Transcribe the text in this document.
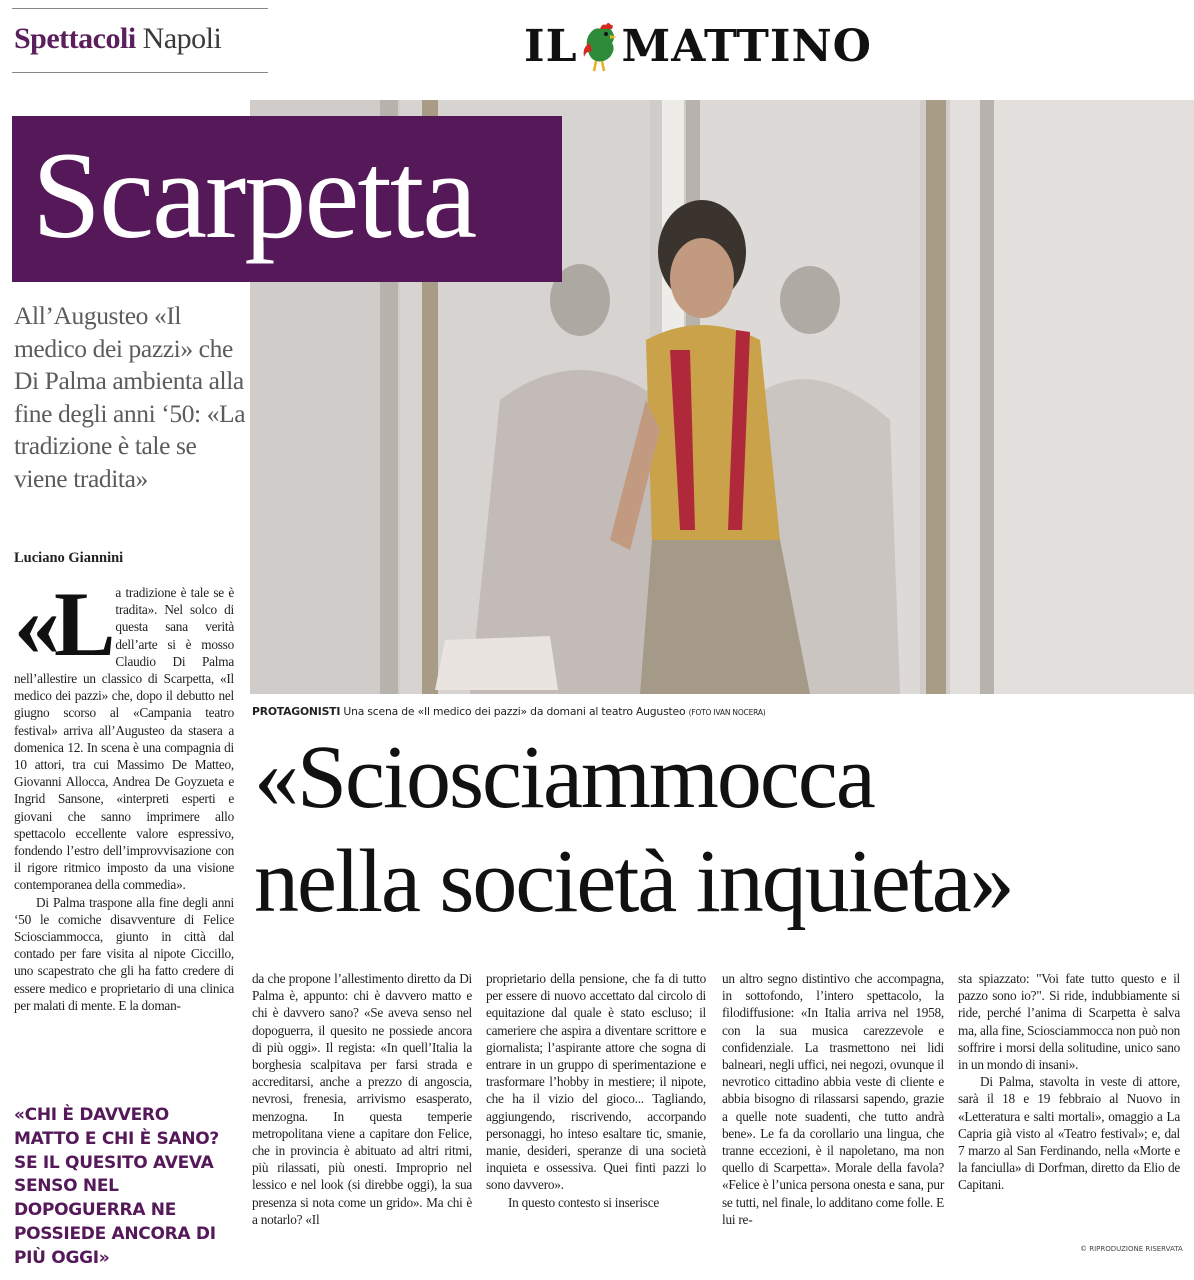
Spettacoli Napoli	IL MATTINO
Scarpetta
All’Augusteo «Il medico dei pazzi» che Di Palma ambienta alla fine degli anni ‘50: «La tradizione è tale se viene tradita»
Luciano Giannini
«L a tradizione è tale se è tradita». Nel solco di questa sana verità dell’arte si è mosso Claudio Di Palma nell’allestire un classico di Scarpetta, «Il medico dei pazzi» che, dopo il debutto nel giugno scorso al «Campania teatro festival» arriva all’Augusteo da stasera a domenica 12. In scena è una compagnia di 10 attori, tra cui Massimo De Matteo, Giovanni Allocca, Andrea De Goyzueta e Ingrid Sansone, «interpreti esperti e giovani che sanno imprimere allo spettacolo eccellente valore espressivo, fondendo l’estro dell’improvvisazione con il rigore ritmico imposto da una visione contemporanea della commedia».

Di Palma traspone alla fine degli anni ‘50 le comiche disavventure di Felice Sciosciammocca, giunto in città dal contado per fare visita al nipote Ciccillo, uno scapestrato che gli ha fatto credere di essere medico e proprietario di una clinica per malati di mente. E la doman-

«CHI È DAVVERO MATTO E CHI È SANO? SE IL QUESITO AVEVA SENSO NEL DOPOGUERRA NE POSSIEDE ANCORA DI PIÙ OGGI»
PROTAGONISTI Una scena de «Il medico dei pazzi» da domani al teatro Augusteo (FOTO IVAN NOCERA)
«Sciosciammocca
nella società inquieta»

da che propone l’allestimento diretto da Di Palma è, appunto: chi è davvero matto e chi è davvero sano? «Se aveva senso nel dopoguerra, il quesito ne possiede ancora di più oggi». Il regista: «In quell’Italia la borghesia scalpitava per farsi strada e accreditarsi, anche a prezzo di angoscia, nevrosi, frenesia, arrivismo esasperato, menzogna. In questa temperie metropolitana viene a capitare don Felice, che in provincia è abituato ad altri ritmi, più rilassati, più onesti. Improprio nel lessico e nel look (si direbbe oggi), la sua presenza si nota come un grido». Ma chi è a notarlo? «Il

proprietario della pensione, che fa di tutto per essere di nuovo accettato dal circolo di equitazione dal quale è stato escluso; il cameriere che aspira a diventare scrittore e giornalista; l’aspirante attore che sogna di entrare in un gruppo di sperimentazione e trasformare l’hobby in mestiere; il nipote, che ha il vizio del gioco... Tagliando, aggiungendo, riscrivendo, accorpando personaggi, ho inteso esaltare tic, smanie, manie, desideri, speranze di una società inquieta e ossessiva. Quei finti pazzi lo sono davvero».

In questo contesto si inserisce

un altro segno distintivo che accompagna, in sottofondo, l’intero spettacolo, la filodiffusione: «In Italia arriva nel 1958, con la sua musica carezzevole e confidenziale. La trasmettono nei lidi balneari, negli uffici, nei negozi, ovunque il nevrotico cittadino abbia veste di cliente e abbia bisogno di rilassarsi sapendo, grazie a quelle note suadenti, che tutto andrà bene». Le fa da corollario una lingua, che tranne eccezioni, è il napoletano, ma non quello di Scarpetta». Morale della favola? «Felice è l’unica persona onesta e sana, pur se tutti, nel finale, lo additano come folle. E lui re-

sta spiazzato: "Voi fate tutto questo e il pazzo sono io?". Si ride, indubbiamente si ride, perché l’anima di Scarpetta è salva ma, alla fine, Sciosciammocca non può non soffrire i morsi della solitudine, unico sano in un mondo di insani».

Di Palma, stavolta in veste di attore, sarà il 18 e 19 febbraio al Nuovo in «Letteratura e salti mortali», omaggio a La Capria già visto al «Teatro festival»; e, dal 7 marzo al San Ferdinando, nella «Morte e la fanciulla» di Dorfman, diretto da Elio de Capitani.

© RIPRODUZIONE RISERVATA
